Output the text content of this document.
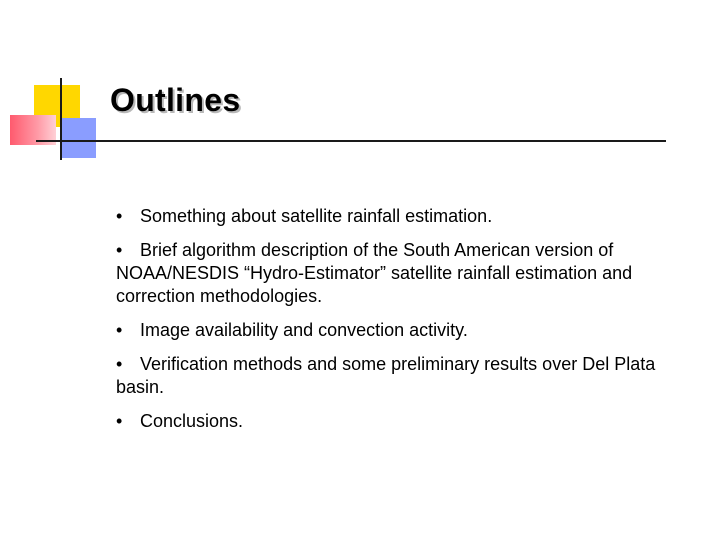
Outlines
• Something about satellite rainfall estimation.
• Brief algorithm description of the South American version of NOAA/NESDIS “Hydro-Estimator” satellite rainfall estimation and correction methodologies.
• Image availability and convection activity.
• Verification methods and some preliminary results over Del Plata basin.
• Conclusions.
